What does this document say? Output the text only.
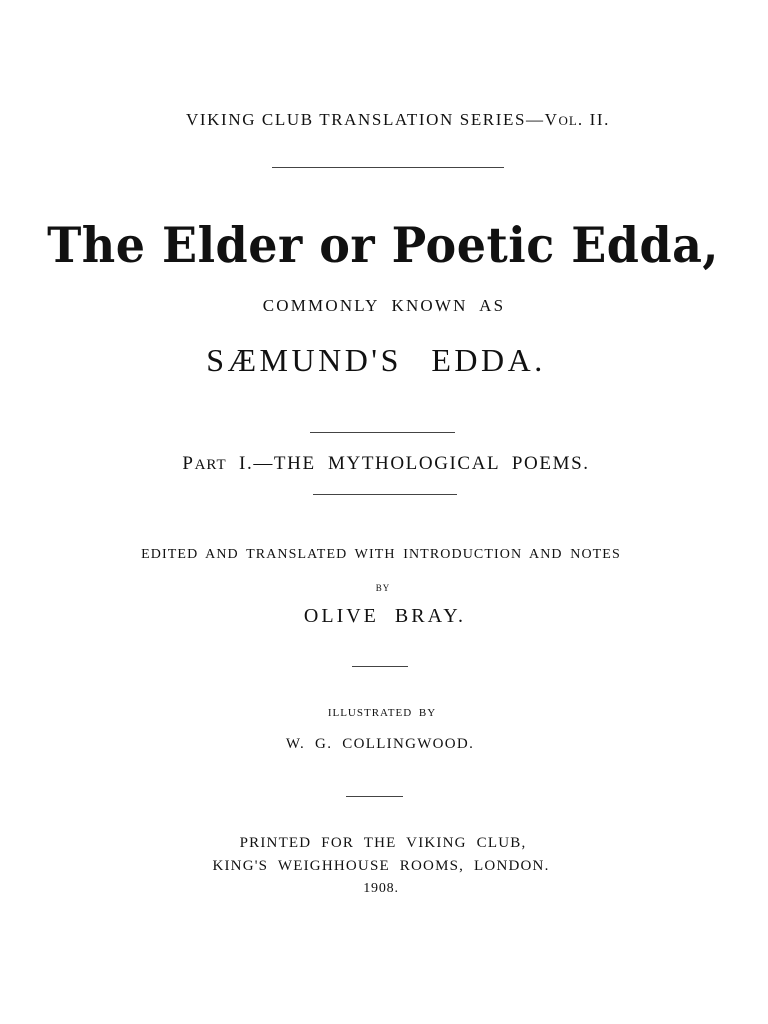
VIKING CLUB TRANSLATION SERIES—VOL. II.
The Elder or Poetic Edda,
COMMONLY KNOWN AS
SÆMUND'S EDDA.
PART I.—THE MYTHOLOGICAL POEMS.
EDITED AND TRANSLATED WITH INTRODUCTION AND NOTES
BY
OLIVE BRAY.
ILLUSTRATED BY
W. G. COLLINGWOOD.
PRINTED FOR THE VIKING CLUB,
KING'S WEIGHHOUSE ROOMS, LONDON.
1908.
